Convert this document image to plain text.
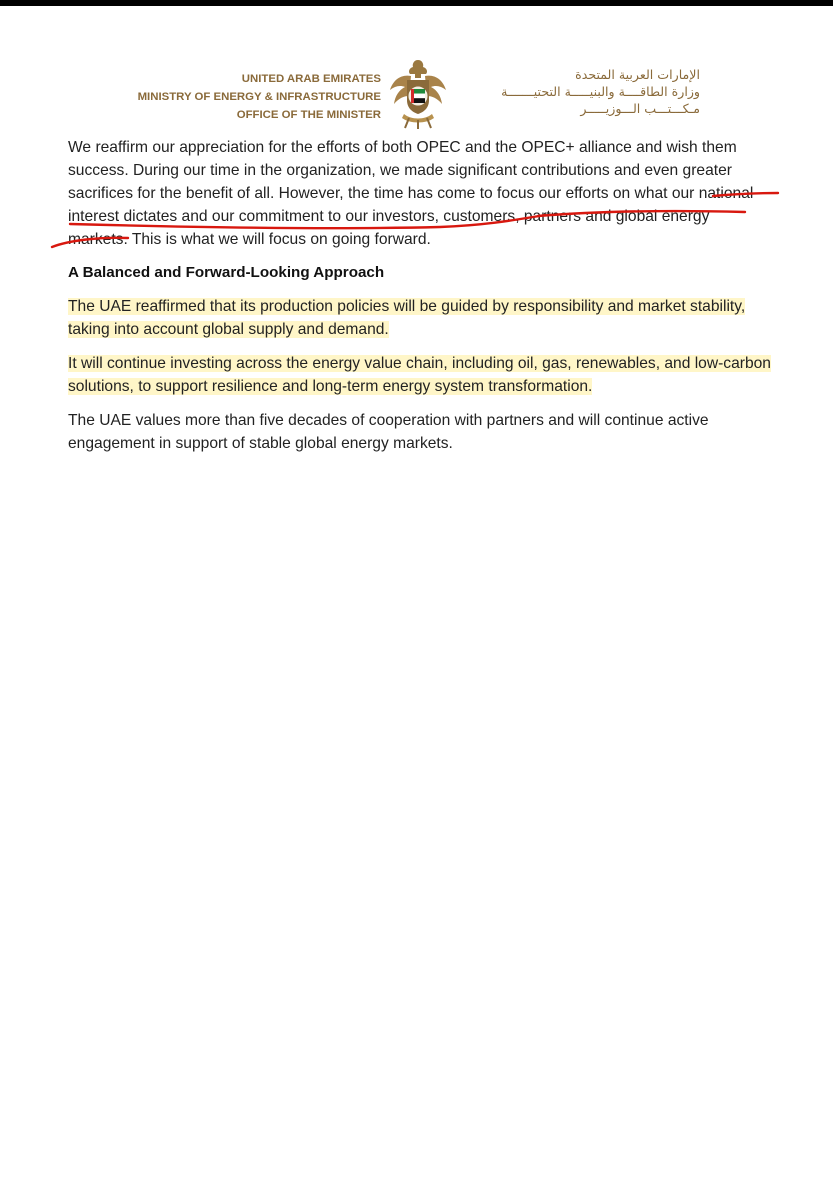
UNITED ARAB EMIRATES
MINISTRY OF ENERGY & INFRASTRUCTURE
OFFICE OF THE MINISTER
الإمارات العربية المتحدة
وزارة الطاقــــة والبنيـــــة التحتيـــــــة
مـكـــتـــب الـــوزيـــــر
We reaffirm our appreciation for the efforts of both OPEC and the OPEC+ alliance and wish them
success. During our time in the organization, we made significant contributions and even greater
sacrifices for the benefit of all. However, the time has come to focus our efforts on what our national
interest dictates and our commitment to our investors, customers, partners and global energy
markets. This is what we will focus on going forward.
A Balanced and Forward-Looking Approach
The UAE reaffirmed that its production policies will be guided by responsibility and market stability,
taking into account global supply and demand.
It will continue investing across the energy value chain, including oil, gas, renewables, and low-carbon
solutions, to support resilience and long-term energy system transformation.
The UAE values more than five decades of cooperation with partners and will continue active
engagement in support of stable global energy markets.
